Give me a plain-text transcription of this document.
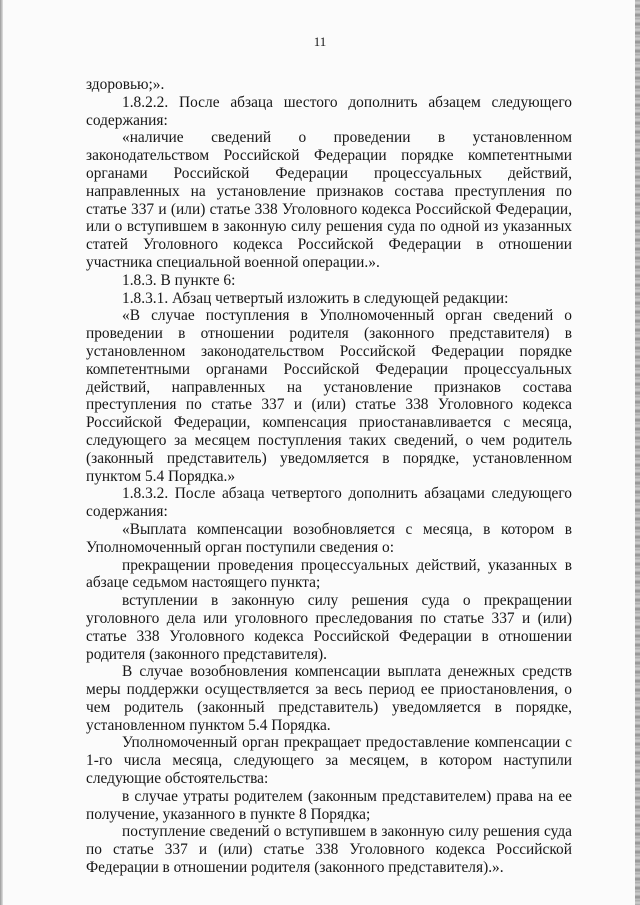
11

здоровью;».

1.8.2.2. После абзаца шестого дополнить абзацем следующего содержания:

«наличие сведений о проведении в установленном законодательством Российской Федерации порядке компетентными органами Российской Федерации процессуальных действий, направленных на установление признаков состава преступления по статье 337 и (или) статье 338 Уголовного кодекса Российской Федерации, или о вступившем в законную силу решения суда по одной из указанных статей Уголовного кодекса Российской Федерации в отношении участника специальной военной операции.».

1.8.3. В пункте 6:

1.8.3.1. Абзац четвертый изложить в следующей редакции:

«В случае поступления в Уполномоченный орган сведений о проведении в отношении родителя (законного представителя) в установленном законодательством Российской Федерации порядке компетентными органами Российской Федерации процессуальных действий, направленных на установление признаков состава преступления по статье 337 и (или) статье 338 Уголовного кодекса Российской Федерации, компенсация приостанавливается с месяца, следующего за месяцем поступления таких сведений, о чем родитель (законный представитель) уведомляется в порядке, установленном пунктом 5.4 Порядка.»

1.8.3.2. После абзаца четвертого дополнить абзацами следующего содержания:

«Выплата компенсации возобновляется с месяца, в котором в Уполномоченный орган поступили сведения о:

прекращении проведения процессуальных действий, указанных в абзаце седьмом настоящего пункта;

вступлении в законную силу решения суда о прекращении уголовного дела или уголовного преследования по статье 337 и (или) статье 338 Уголовного кодекса Российской Федерации в отношении родителя (законного представителя).

В случае возобновления компенсации выплата денежных средств меры поддержки осуществляется за весь период ее приостановления, о чем родитель (законный представитель) уведомляется в порядке, установленном пунктом 5.4 Порядка.

Уполномоченный орган прекращает предоставление компенсации с 1-го числа месяца, следующего за месяцем, в котором наступили следующие обстоятельства:

в случае утраты родителем (законным представителем) права на ее получение, указанного в пункте 8 Порядка;

поступление сведений о вступившем в законную силу решения суда по статье 337 и (или) статье 338 Уголовного кодекса Российской Федерации в отношении родителя (законного представителя).».
